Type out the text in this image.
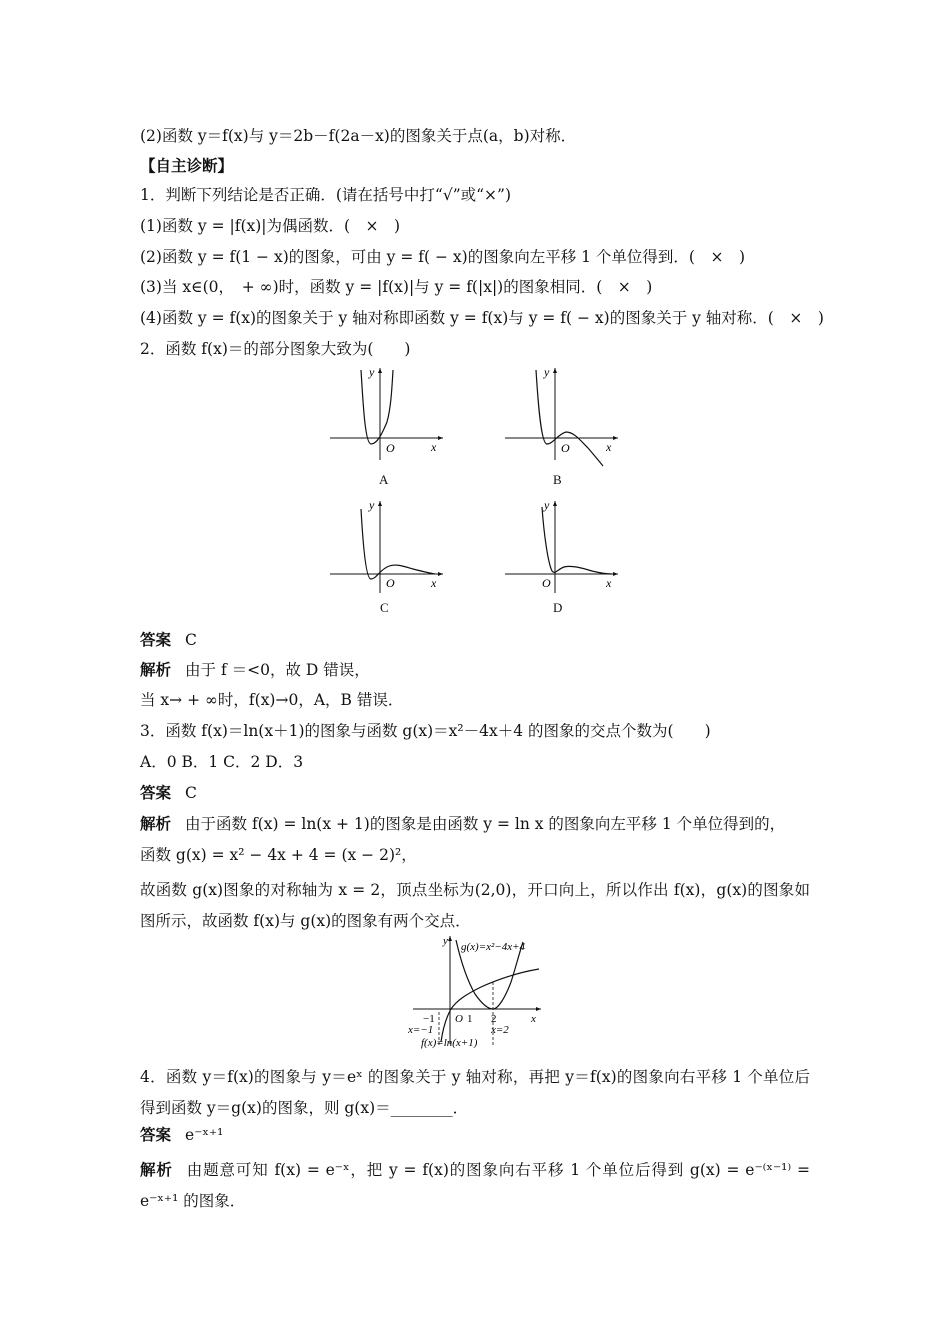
(2)函数 y＝f(x)与 y＝2b－f(2a－x)的图象关于点(a，b)对称．
【自主诊断】
1．判断下列结论是否正确．(请在括号中打“√”或“×”)
(1)函数 y = |f(x)|为偶函数．(　×　)
(2)函数 y = f(1 − x)的图象，可由 y = f( − x)的图象向左平移 1 个单位得到．(　×　)
(3)当 x∈(0，　+ ∞)时，函数 y = |f(x)|与 y = f(|x|)的图象相同．(　×　)
(4)函数 y = f(x)的图象关于 y 轴对称即函数 y = f(x)与 y = f( − x)的图象关于 y 轴对称．(　×　)
2．函数 f(x)＝的部分图象大致为(　　)
y
x
O
A
y
x
O
B
y
x
O
C
y
x
O
D
答案 C
解析 由于 f ＝<0，故 D 错误，
当 x→ + ∞时，f(x)→0，A，B 错误．
3．函数 f(x)＝ln(x＋1)的图象与函数 g(x)＝x²－4x＋4 的图象的交点个数为(　　)
A．0 B．1 C．2 D．3
答案 C
解析 由于函数 f(x) = ln(x + 1)的图象是由函数 y = ln x 的图象向左平移 1 个单位得到的，
函数 g(x) = x² − 4x + 4 = (x − 2)²，
故函数 g(x)图象的对称轴为 x = 2，顶点坐标为(2,0)，开口向上，所以作出 f(x)，g(x)的图象如图所示，故函数 f(x)与 g(x)的图象有两个交点．
y
x
O 1 2
−1
x=−1	x=2
g(x)=x²−4x+4
f(x)=ln(x+1)
4．函数 y＝f(x)的图象与 y＝eˣ 的图象关于 y 轴对称，再把 y＝f(x)的图象向右平移 1 个单位后得到函数 y＝g(x)的图象，则 g(x)＝________．
答案 e⁻ˣ⁺¹
解析 由题意可知 f(x) = e⁻ˣ，把 y = f(x)的图象向右平移 1 个单位后得到 g(x) = e⁻⁽ˣ⁻¹⁾ = e⁻ˣ⁺¹ 的图象．
